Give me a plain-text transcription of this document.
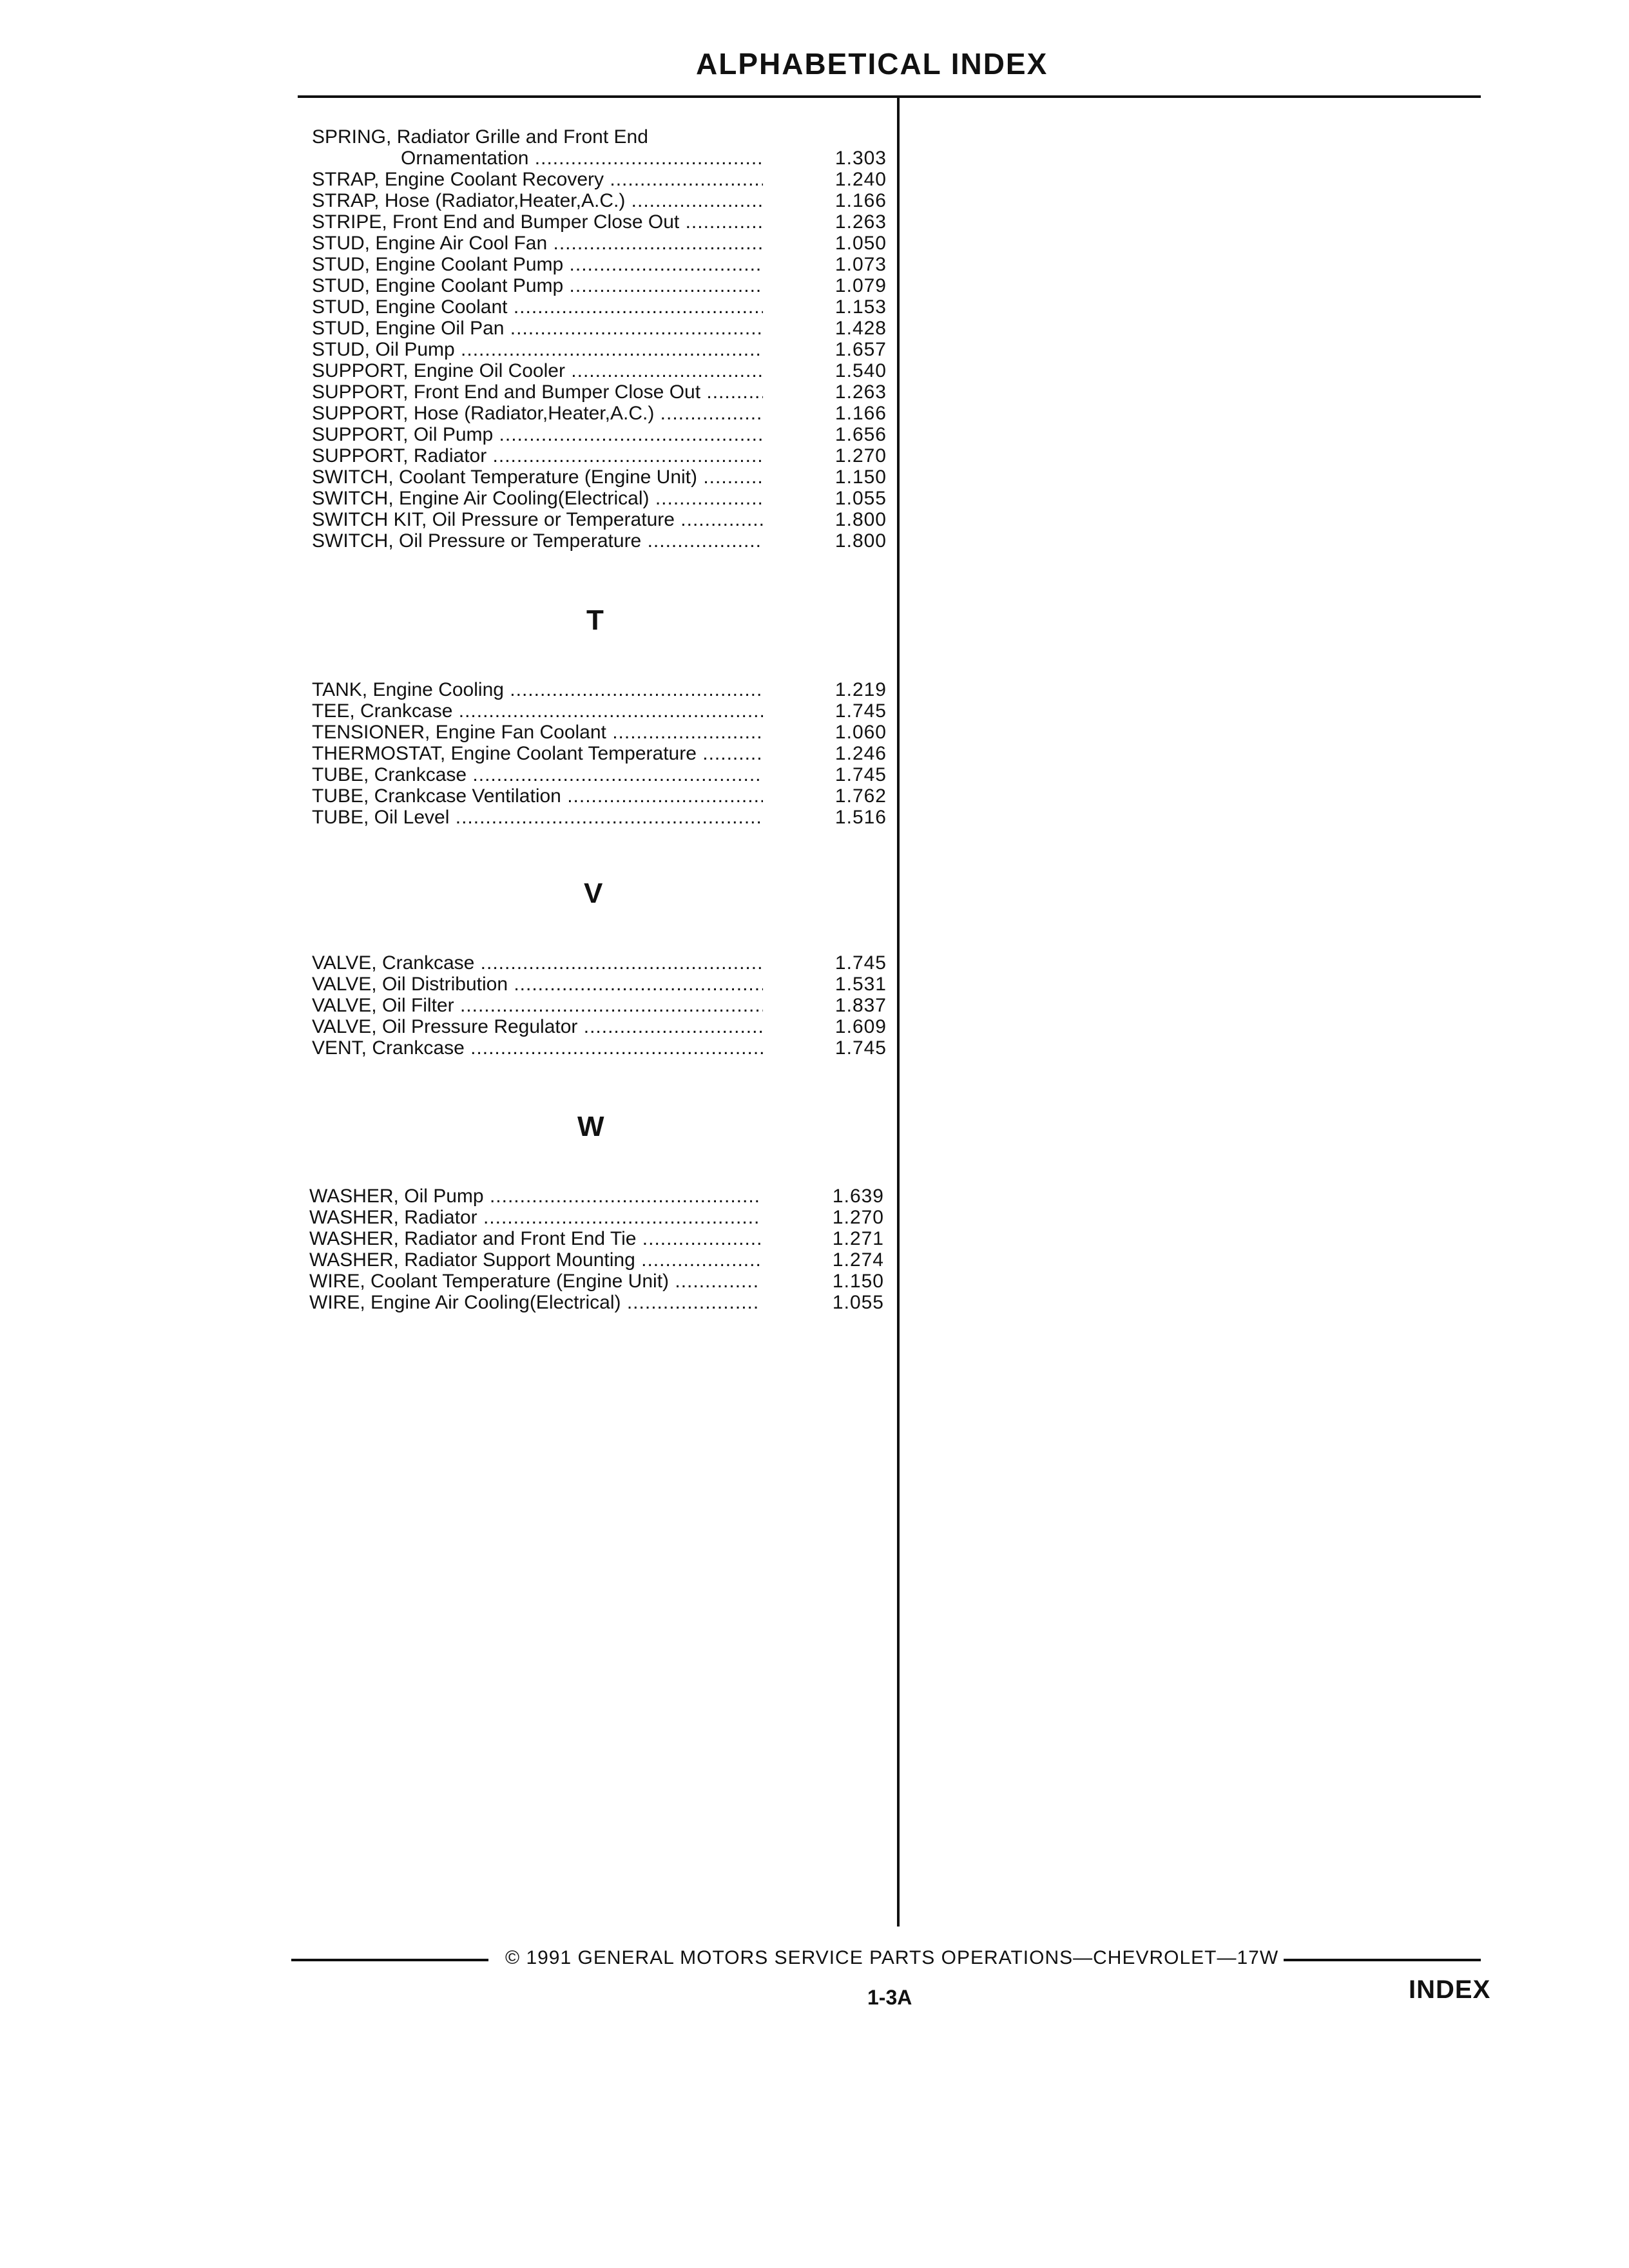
ALPHABETICAL INDEX
SPRING, Radiator Grille and Front End
Ornamentation .....	1.303
STRAP, Engine Coolant Recovery .....	1.240
STRAP, Hose (Radiator,Heater,A.C.) .....	1.166
STRIPE, Front End and Bumper Close Out .....	1.263
STUD, Engine Air Cool Fan .....	1.050
STUD, Engine Coolant Pump .....	1.073
STUD, Engine Coolant Pump .....	1.079
STUD, Engine Coolant .....	1.153
STUD, Engine Oil Pan .....	1.428
STUD, Oil Pump .....	1.657
SUPPORT, Engine Oil Cooler .....	1.540
SUPPORT, Front End and Bumper Close Out .....	1.263
SUPPORT, Hose (Radiator,Heater,A.C.) .....	1.166
SUPPORT, Oil Pump .....	1.656
SUPPORT, Radiator .....	1.270
SWITCH, Coolant Temperature (Engine Unit) .....	1.150
SWITCH, Engine Air Cooling(Electrical) .....	1.055
SWITCH KIT, Oil Pressure or Temperature .....	1.800
SWITCH, Oil Pressure or Temperature .....	1.800
T
TANK, Engine Cooling .....	1.219
TEE, Crankcase .....	1.745
TENSIONER, Engine Fan Coolant .....	1.060
THERMOSTAT, Engine Coolant Temperature .....	1.246
TUBE, Crankcase .....	1.745
TUBE, Crankcase Ventilation .....	1.762
TUBE, Oil Level .....	1.516
V
VALVE, Crankcase .....	1.745
VALVE, Oil Distribution .....	1.531
VALVE, Oil Filter .....	1.837
VALVE, Oil Pressure Regulator .....	1.609
VENT, Crankcase .....	1.745
W
WASHER, Oil Pump .....	1.639
WASHER, Radiator .....	1.270
WASHER, Radiator and Front End Tie .....	1.271
WASHER, Radiator Support Mounting .....	1.274
WIRE, Coolant Temperature (Engine Unit) .....	1.150
WIRE, Engine Air Cooling(Electrical) .....	1.055
© 1991 GENERAL MOTORS SERVICE PARTS OPERATIONS—CHEVROLET—17W
1-3A	INDEX
